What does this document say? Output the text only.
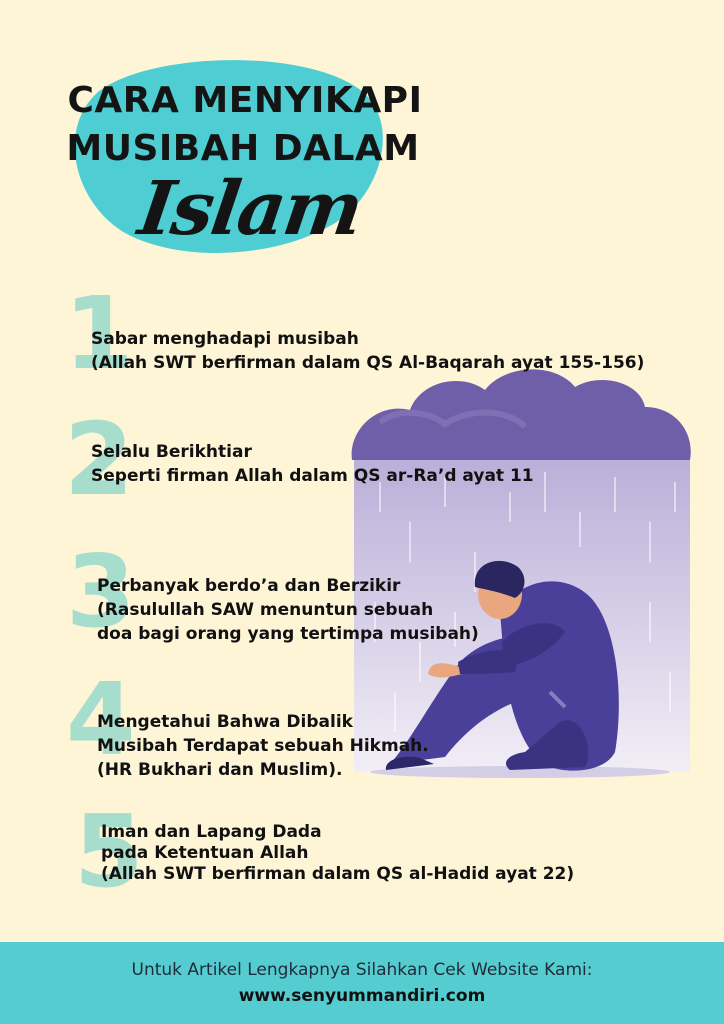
CARA MENYIKAPI
MUSIBAH DALAM
Islam
1
Sabar menghadapi musibah
(Allah SWT berfirman dalam QS Al-Baqarah ayat 155-156)
2
Selalu Berikhtiar
Seperti firman Allah dalam QS ar-Ra’d ayat 11
3
Perbanyak berdo’a dan Berzikir
(Rasulullah SAW menuntun sebuah
doa bagi orang yang tertimpa musibah)
4
Mengetahui Bahwa Dibalik
Musibah Terdapat sebuah Hikmah.
(HR Bukhari dan Muslim).
5
Iman dan Lapang Dada
pada Ketentuan Allah
(Allah SWT berfirman dalam QS al-Hadid ayat 22)
Untuk Artikel Lengkapnya Silahkan Cek Website Kami:
www.senyummandiri.com
